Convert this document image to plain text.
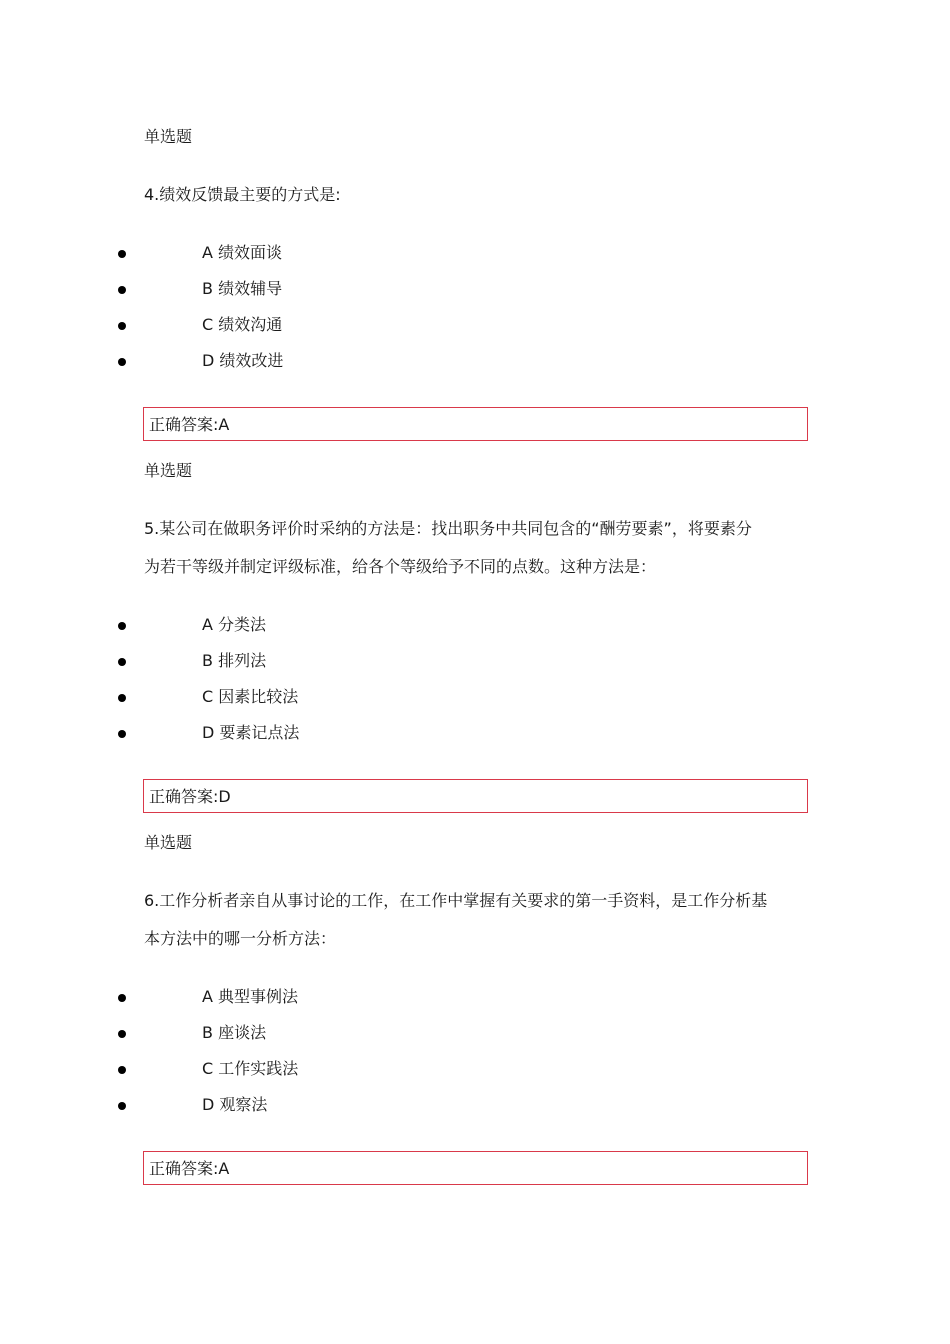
单选题
4.绩效反馈最主要的方式是:
A 绩效面谈
B 绩效辅导
C 绩效沟通
D 绩效改进
正确答案:A
单选题
5.某公司在做职务评价时采纳的方法是：找出职务中共同包含的“酬劳要素”，将要素分
为若干等级并制定评级标准，给各个等级给予不同的点数。这种方法是：
A 分类法
B 排列法
C 因素比较法
D 要素记点法
正确答案:D
单选题
6.工作分析者亲自从事讨论的工作，在工作中掌握有关要求的第一手资料，是工作分析基
本方法中的哪一分析方法：
A 典型事例法
B 座谈法
C 工作实践法
D 观察法
正确答案:A
